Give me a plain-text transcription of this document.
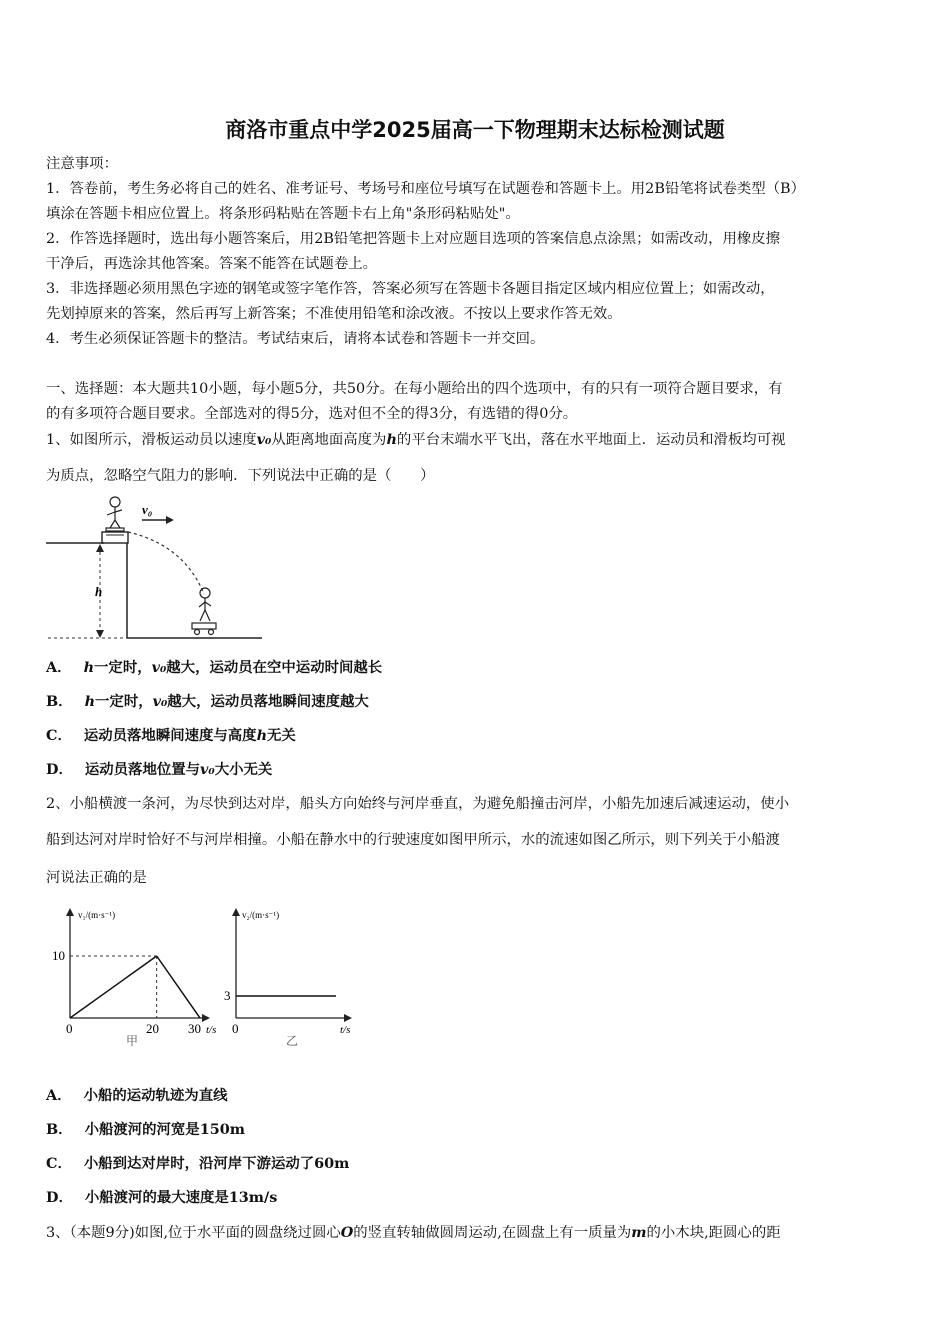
商洛市重点中学2025届高一下物理期末达标检测试题
注意事项：
1．答卷前，考生务必将自己的姓名、准考证号、考场号和座位号填写在试题卷和答题卡上。用2B铅笔将试卷类型（B）
填涂在答题卡相应位置上。将条形码粘贴在答题卡右上角"条形码粘贴处"。
2．作答选择题时，选出每小题答案后，用2B铅笔把答题卡上对应题目选项的答案信息点涂黑；如需改动，用橡皮擦
干净后，再选涂其他答案。答案不能答在试题卷上。
3．非选择题必须用黑色字迹的钢笔或签字笔作答，答案必须写在答题卡各题目指定区域内相应位置上；如需改动，
先划掉原来的答案，然后再写上新答案；不准使用铅笔和涂改液。不按以上要求作答无效。
4．考生必须保证答题卡的整洁。考试结束后，请将本试卷和答题卡一并交回。
一、选择题：本大题共10小题，每小题5分，共50分。在每小题给出的四个选项中，有的只有一项符合题目要求，有
的有多项符合题目要求。全部选对的得5分，选对但不全的得3分，有选错的得0分。
1、如图所示，滑板运动员以速度v₀从距离地面高度为h的平台末端水平飞出，落在水平地面上．运动员和滑板均可视
为质点，忽略空气阻力的影响．下列说法中正确的是（　　）
v₀
h
A． h一定时，v₀越大，运动员在空中运动时间越长
B． h一定时，v₀越大，运动员落地瞬间速度越大
C． 运动员落地瞬间速度与高度h无关
D． 运动员落地位置与v₀大小无关
2、小船横渡一条河，为尽快到达对岸，船头方向始终与河岸垂直，为避免船撞击河岸，小船先加速后减速运动，使小
船到达河对岸时恰好不与河岸相撞。小船在静水中的行驶速度如图甲所示，水的流速如图乙所示，则下列关于小船渡
河说法正确的是
v₁/(m·s⁻¹)
10
0	20 30 t/s
甲
v₂/(m·s⁻¹)
3
0	t/s
乙
A． 小船的运动轨迹为直线
B． 小船渡河的河宽是150m
C． 小船到达对岸时，沿河岸下游运动了60m
D． 小船渡河的最大速度是13m/s
3、（本题9分)如图,位于水平面的圆盘绕过圆心O的竖直转轴做圆周运动,在圆盘上有一质量为m的小木块,距圆心的距
